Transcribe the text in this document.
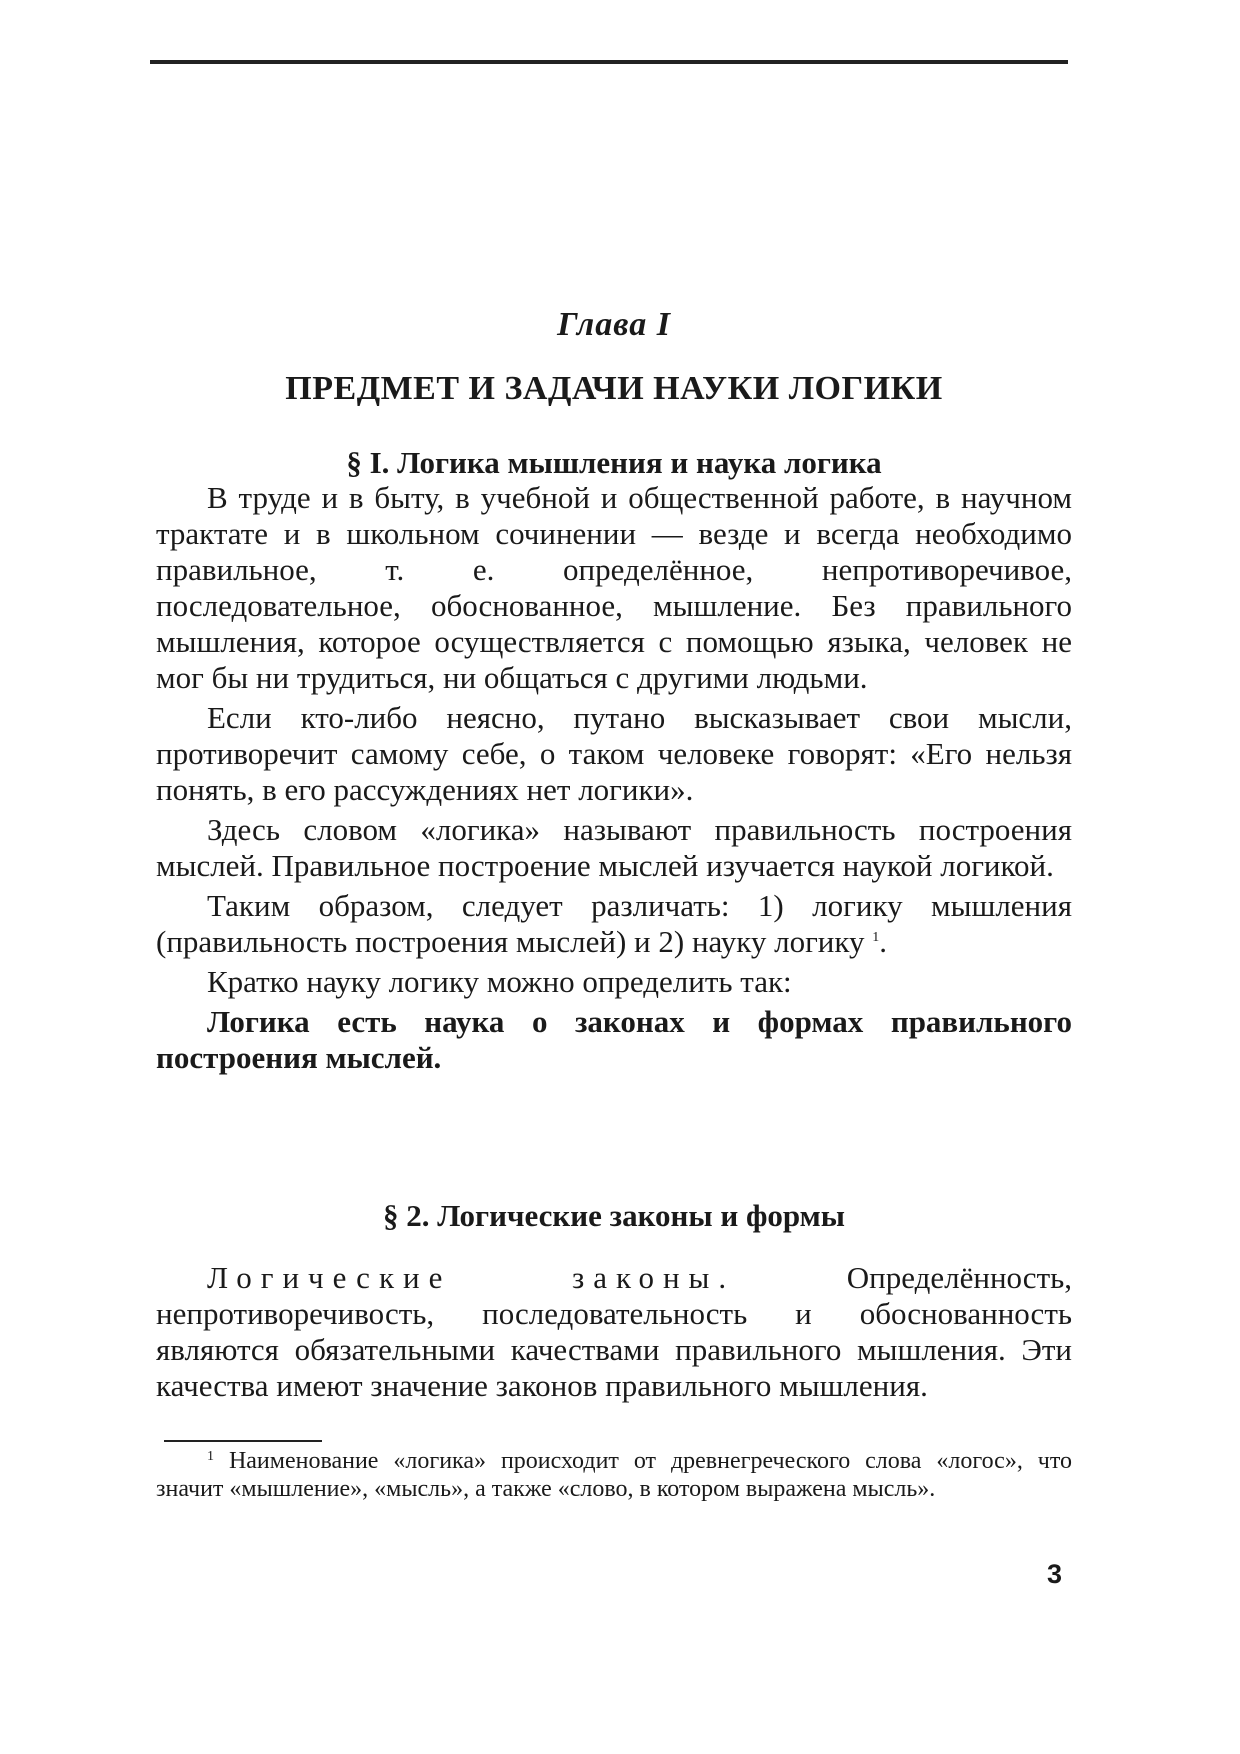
Глава I
ПРЕДМЕТ И ЗАДАЧИ НАУКИ ЛОГИКИ
§ I. Логика мышления и наука логика

В труде и в быту, в учебной и общественной работе, в научном трактате и в школьном сочинении — везде и всегда необходимо правильное, т. е. определённое, непротиворечивое, последовательное, обоснованное, мышление. Без правильного мышления, которое осуществляется с помощью языка, человек не мог бы ни трудиться, ни общаться с другими людьми.

Если кто-либо неясно, путано высказывает свои мысли, противоречит самому себе, о таком человеке говорят: «Его нельзя понять, в его рассуждениях нет логики».

Здесь словом «логика» называют правильность построения мыслей. Правильное построение мыслей изучается наукой логикой.

Таким образом, следует различать: 1) логику мышления (правильность построения мыслей) и 2) науку логику $^1$.

Кратко науку логику можно определить так:

Логика есть наука о законах и формах правильного построения мыслей.

§ 2. Логические законы и формы

Логические законы.	Определённость, непротиворечивость, последовательность и обоснованность являются обязательными качествами правильного мышления. Эти качества имеют значение законов правильного мышления.

$^1$ Наименование «логика» происходит от древнегреческого слова «логос», что значит «мышление», «мысль», а также «слово, в котором выражена мысль».
3
